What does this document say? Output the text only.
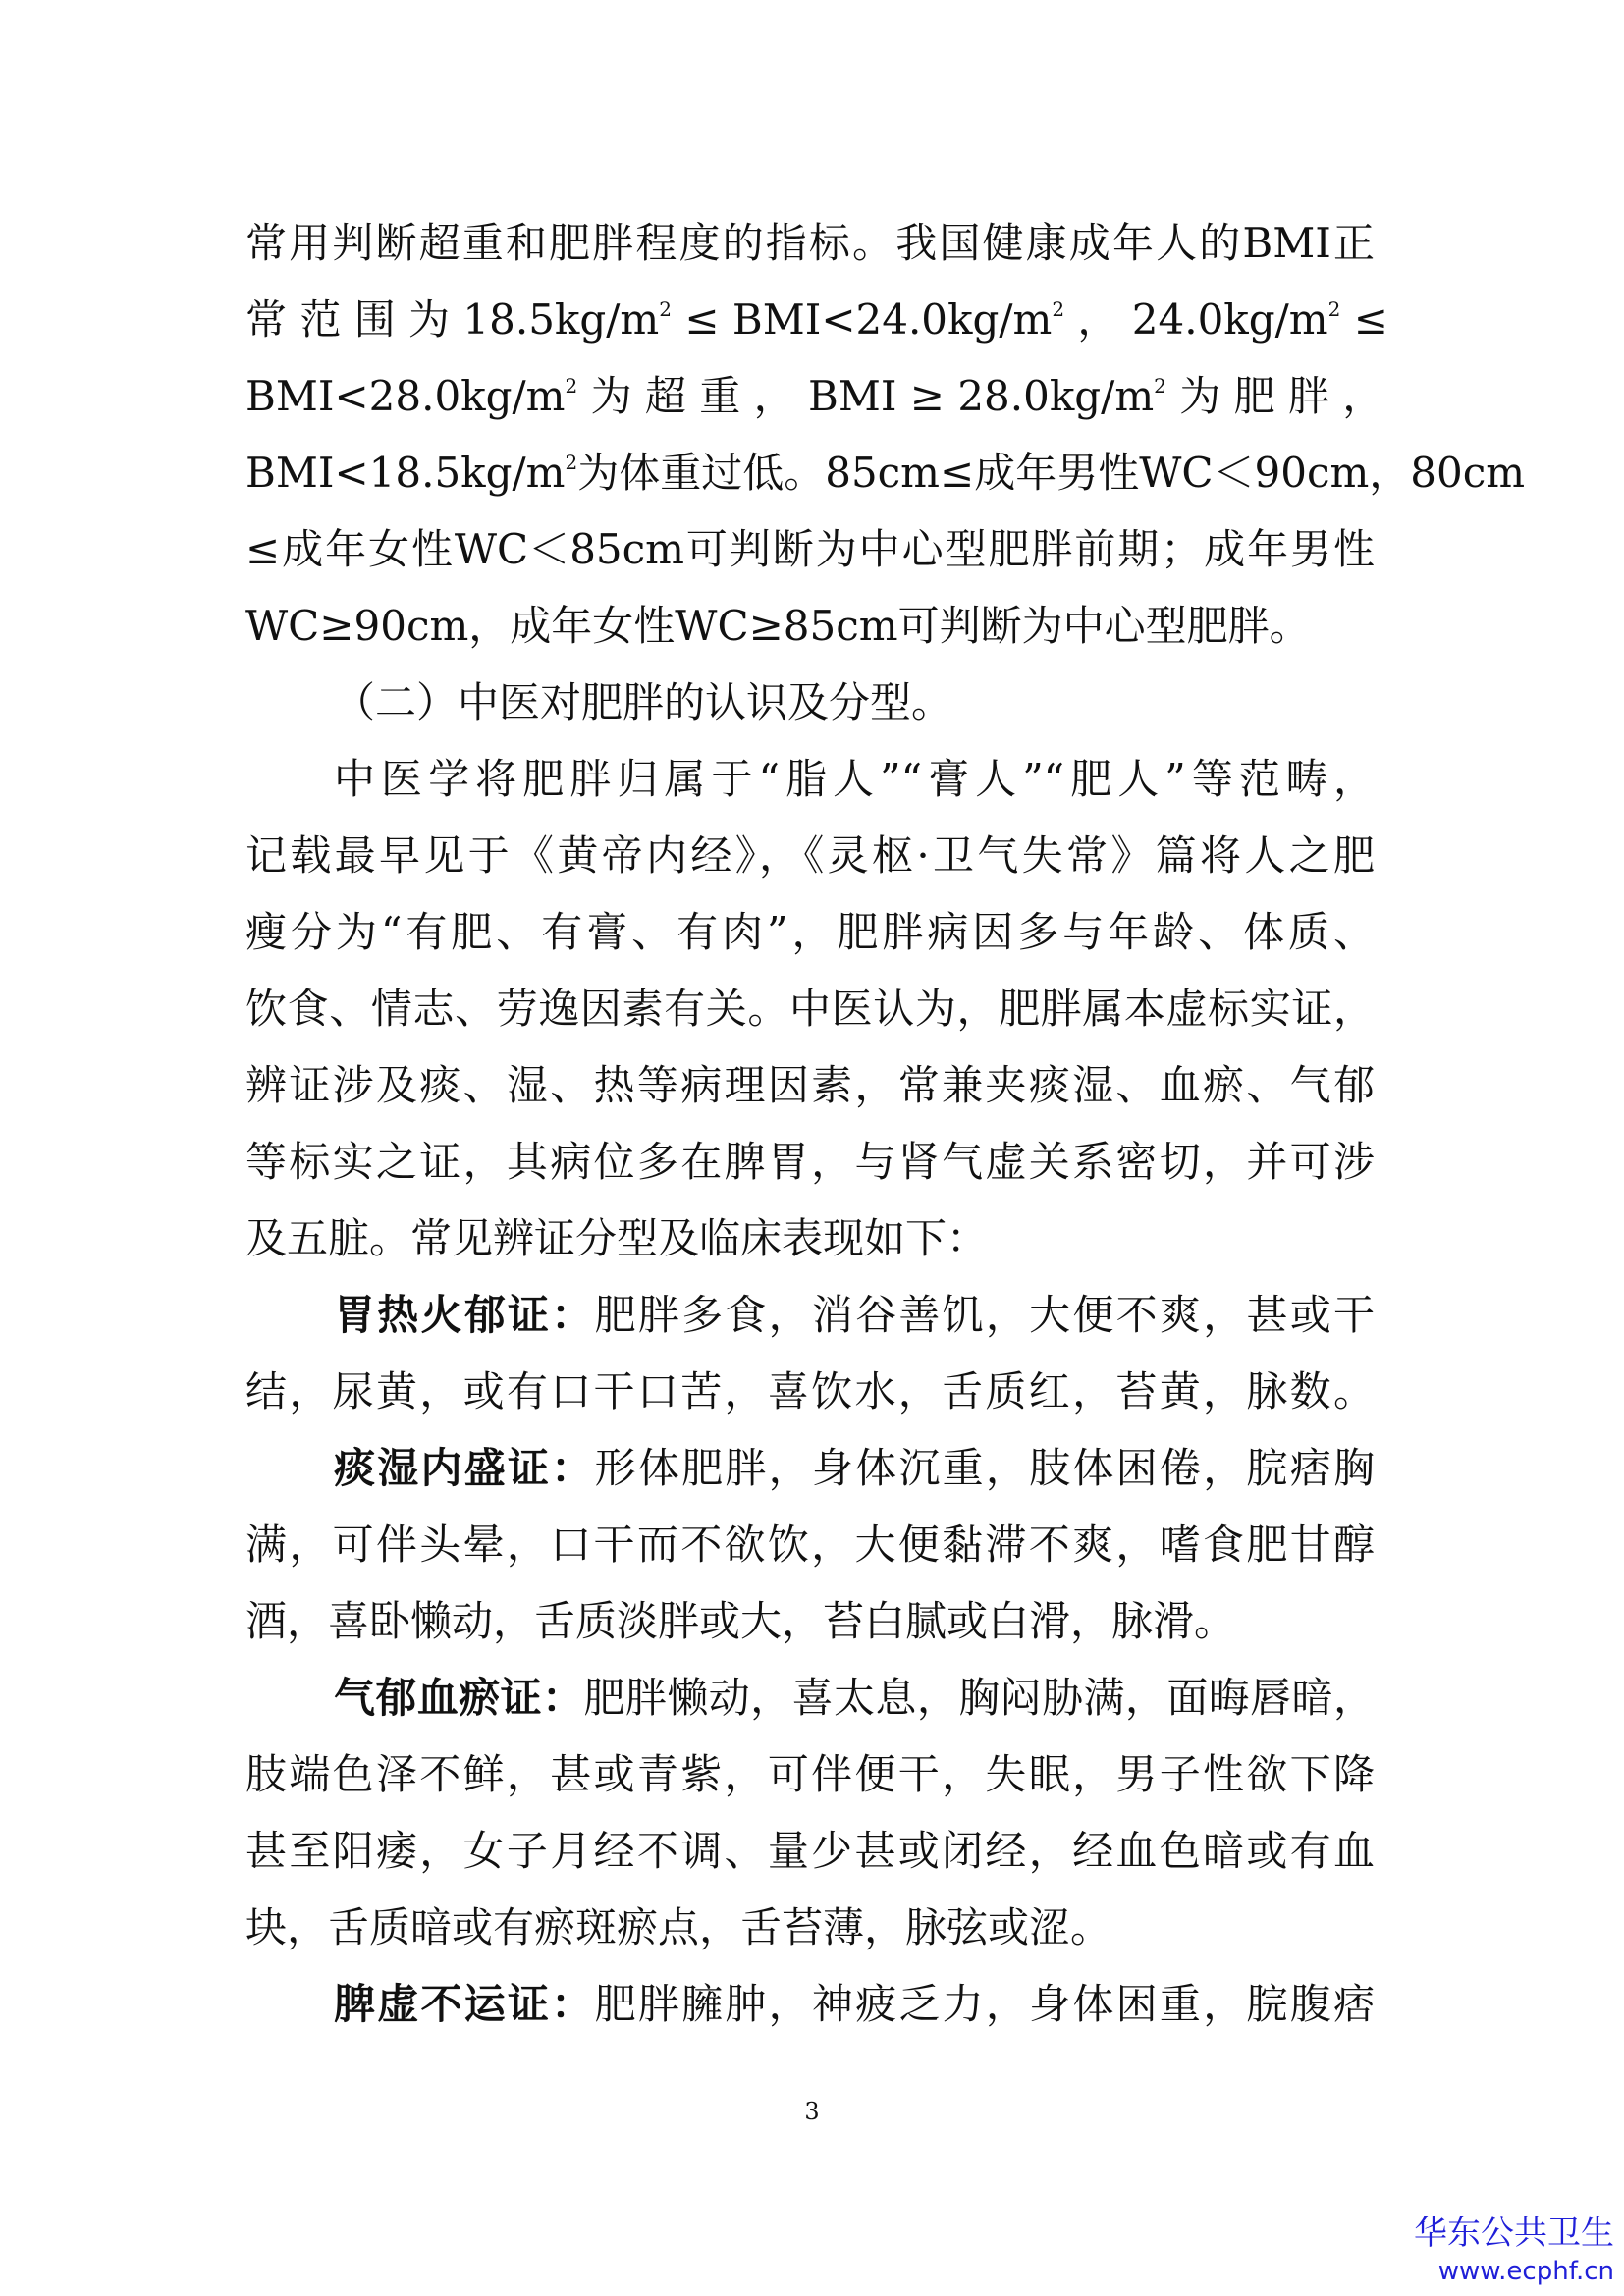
常用判断超重和肥胖程度的指标。我国健康成年人的BMI正
常 范 围 为 $18.5kg/m^2 \le BMI<24.0kg/m^2$ ， $24.0kg/m^2$ ≤
$BMI<28.0kg/m^2$ 为 超 重 ， BMI ≥ $28.0kg/m^2$ 为 肥 胖 ，
$BMI<18.5kg/m^2$为体重过低。85cm≤成年男性WC＜90cm，80cm
≤成年女性WC＜85cm可判断为中心型肥胖前期；成年男性
WC≥90cm，成年女性WC≥85cm可判断为中心型肥胖。
（二）中医对肥胖的认识及分型。
中医学将肥胖归属于“脂人”“膏人”“肥人”等范畴，
记载最早见于《黄帝内经》，《灵枢·卫气失常》篇将人之肥
瘦分为“有肥、有膏、有肉”，肥胖病因多与年龄、体质、
饮食、情志、劳逸因素有关。中医认为，肥胖属本虚标实证，
辨证涉及痰、湿、热等病理因素，常兼夹痰湿、血瘀、气郁
等标实之证，其病位多在脾胃，与肾气虚关系密切，并可涉
及五脏。常见辨证分型及临床表现如下：
胃热火郁证：肥胖多食，消谷善饥，大便不爽，甚或干
结，尿黄，或有口干口苦，喜饮水，舌质红，苔黄，脉数。
痰湿内盛证：形体肥胖，身体沉重，肢体困倦，脘痞胸
满，可伴头晕，口干而不欲饮，大便黏滞不爽，嗜食肥甘醇
酒，喜卧懒动，舌质淡胖或大，苔白腻或白滑，脉滑。
气郁血瘀证：肥胖懒动，喜太息，胸闷胁满，面晦唇暗，
肢端色泽不鲜，甚或青紫，可伴便干，失眠，男子性欲下降
甚至阳痿，女子月经不调、量少甚或闭经，经血色暗或有血
块，舌质暗或有瘀斑瘀点，舌苔薄，脉弦或涩。
脾虚不运证：肥胖臃肿，神疲乏力，身体困重，脘腹痞
3
华东公共卫生
www.ecphf.cn
